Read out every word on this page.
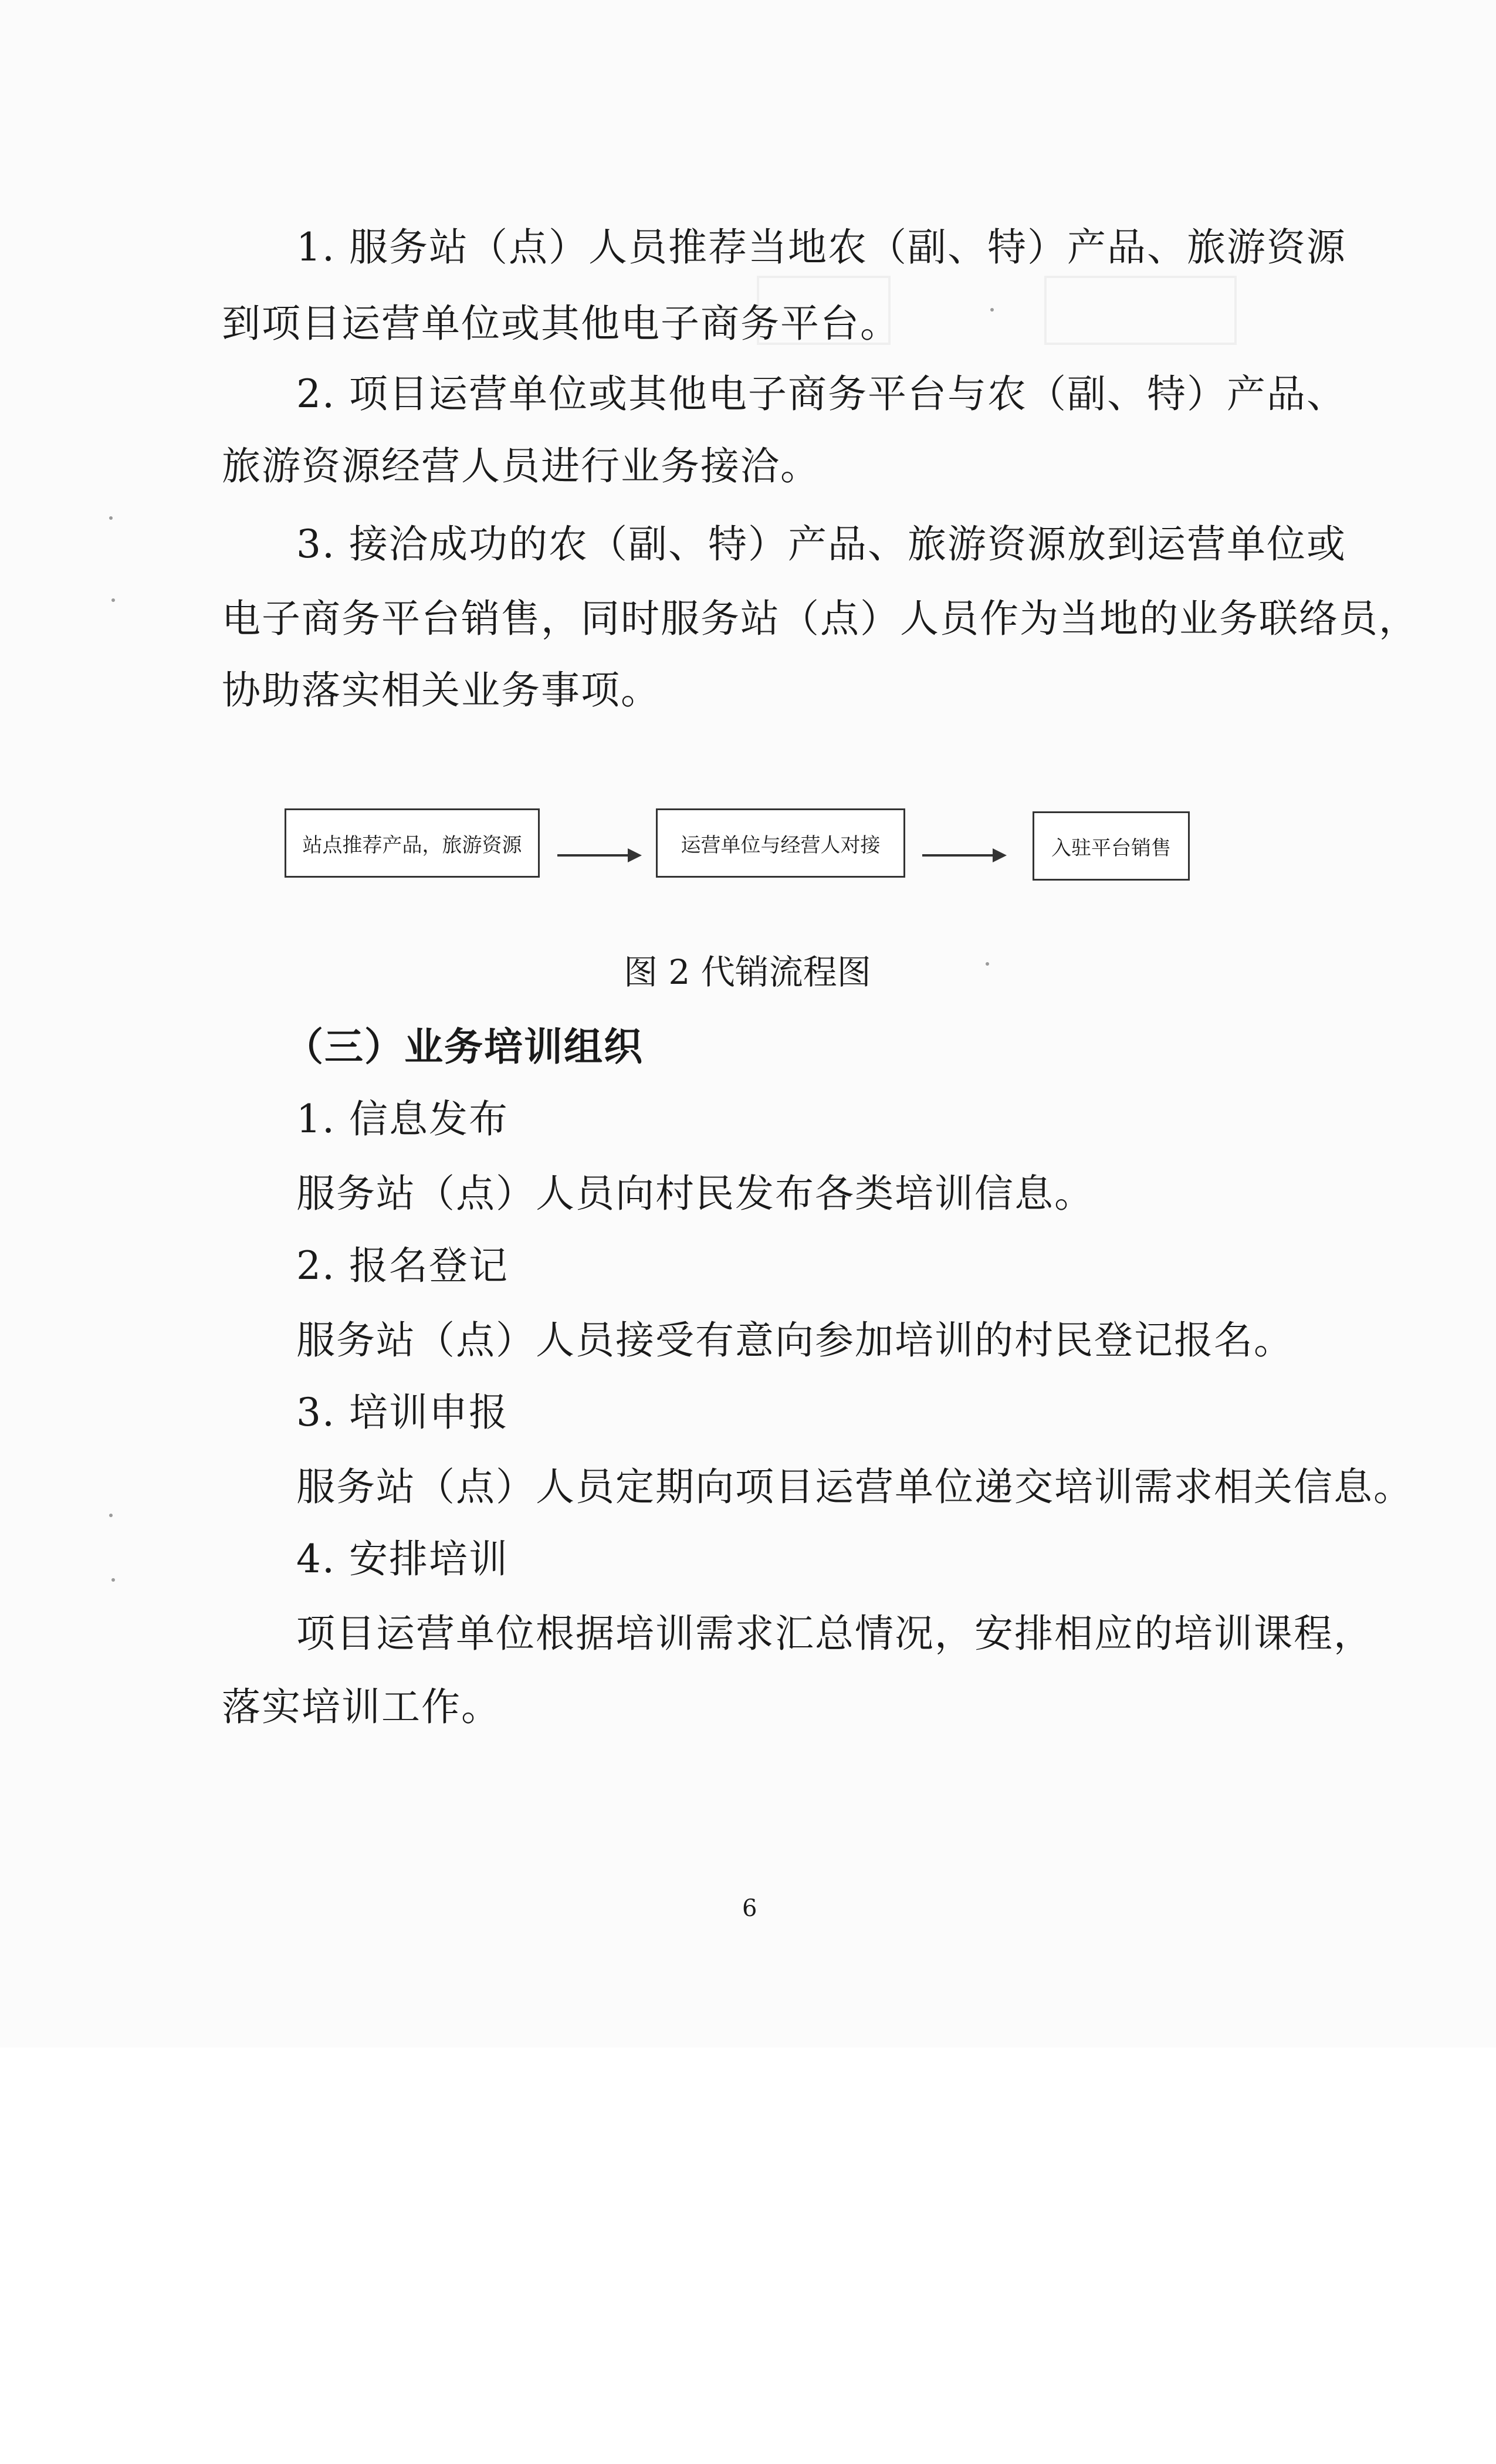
1. 服务站（点）人员推荐当地农（副、特）产品、旅游资源
到项目运营单位或其他电子商务平台。
2. 项目运营单位或其他电子商务平台与农（副、特）产品、
旅游资源经营人员进行业务接洽。
3. 接洽成功的农（副、特）产品、旅游资源放到运营单位或
电子商务平台销售，同时服务站（点）人员作为当地的业务联络员，
协助落实相关业务事项。
站点推荐产品，旅游资源	运营单位与经营人对接	入驻平台销售
图 2 代销流程图
（三）业务培训组织
1. 信息发布
服务站（点）人员向村民发布各类培训信息。
2. 报名登记
服务站（点）人员接受有意向参加培训的村民登记报名。
3. 培训申报
服务站（点）人员定期向项目运营单位递交培训需求相关信息。
4. 安排培训
项目运营单位根据培训需求汇总情况，安排相应的培训课程，
落实培训工作。
6
